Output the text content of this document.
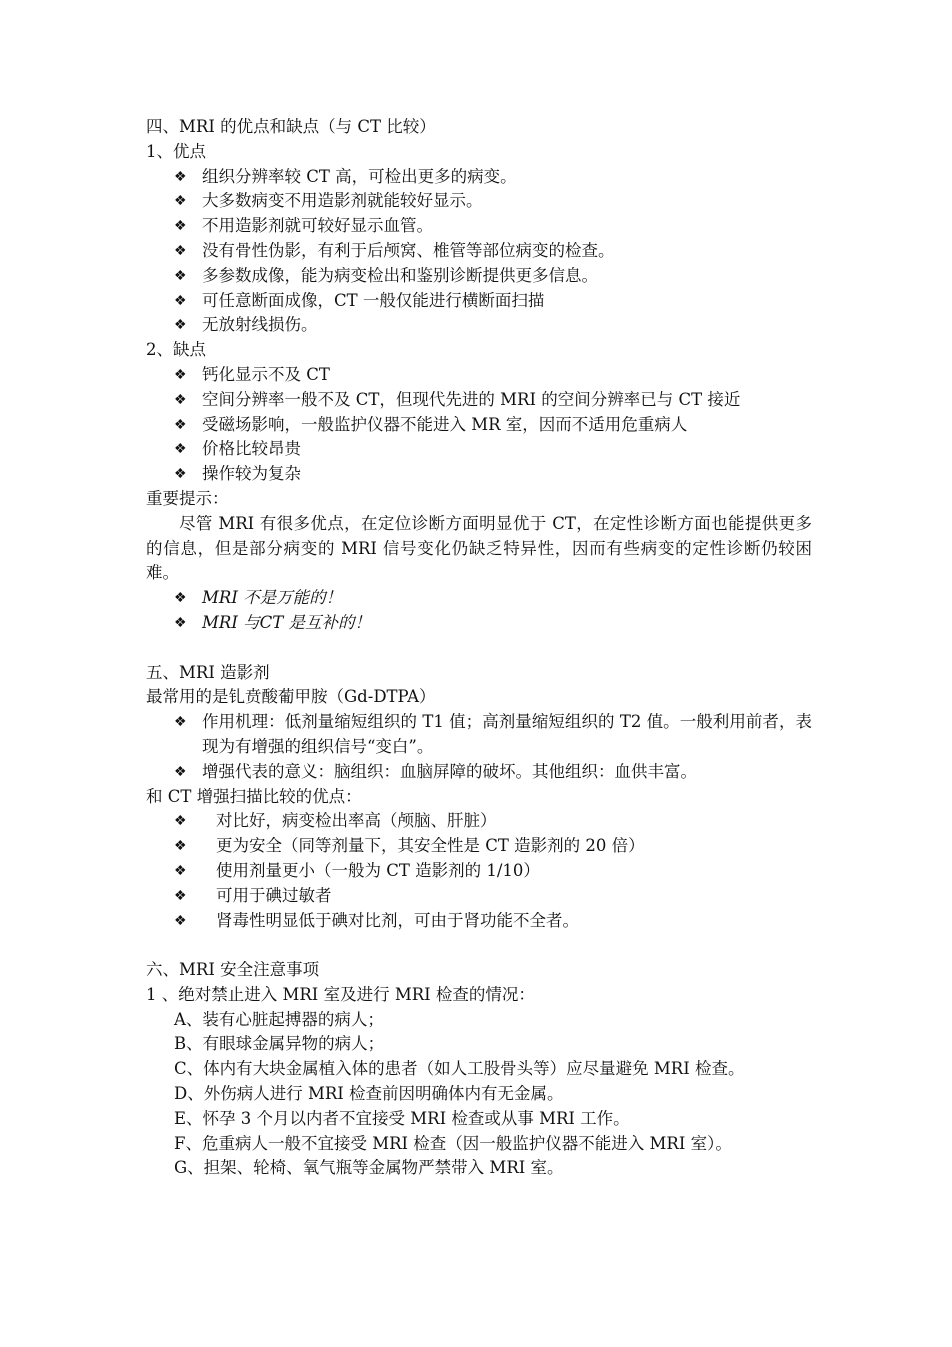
四、MRI 的优点和缺点（与 CT 比较）
1、优点
❖ 组织分辨率较 CT 高，可检出更多的病变。
❖ 大多数病变不用造影剂就能较好显示。
❖ 不用造影剂就可较好显示血管。
❖ 没有骨性伪影，有利于后颅窝、椎管等部位病变的检查。
❖ 多参数成像，能为病变检出和鉴别诊断提供更多信息。
❖ 可任意断面成像，CT 一般仅能进行横断面扫描
❖ 无放射线损伤。
2、缺点
❖ 钙化显示不及 CT
❖ 空间分辨率一般不及 CT，但现代先进的 MRI 的空间分辨率已与 CT 接近
❖ 受磁场影响，一般监护仪器不能进入 MR 室，因而不适用危重病人
❖ 价格比较昂贵
❖ 操作较为复杂
重要提示：
尽管 MRI 有很多优点，在定位诊断方面明显优于 CT，在定性诊断方面也能提供更多的信息，但是部分病变的 MRI 信号变化仍缺乏特异性，因而有些病变的定性诊断仍较困难。
❖ MRI 不是万能的！
❖ MRI 与CT 是互补的！
五、MRI 造影剂
最常用的是钆贲酸葡甲胺（Gd-DTPA）
❖ 作用机理：低剂量缩短组织的 T1 值；高剂量缩短组织的 T2 值。一般利用前者，表现为有增强的组织信号“变白”。
❖ 增强代表的意义：脑组织：血脑屏障的破坏。其他组织：血供丰富。
和 CT 增强扫描比较的优点：
❖ 对比好，病变检出率高（颅脑、肝脏）
❖ 更为安全（同等剂量下，其安全性是 CT 造影剂的 20 倍）
❖ 使用剂量更小（一般为 CT 造影剂的 1/10）
❖ 可用于碘过敏者
❖ 肾毒性明显低于碘对比剂，可由于肾功能不全者。
六、MRI 安全注意事项
1 、绝对禁止进入 MRI 室及进行 MRI 检查的情况：
A、装有心脏起搏器的病人；
B、有眼球金属异物的病人；
C、体内有大块金属植入体的患者（如人工股骨头等）应尽量避免 MRI 检查。
D、外伤病人进行 MRI 检查前因明确体内有无金属。
E、怀孕 3 个月以内者不宜接受 MRI 检查或从事 MRI 工作。
F、危重病人一般不宜接受 MRI 检查（因一般监护仪器不能进入 MRI 室）。
G、担架、轮椅、氧气瓶等金属物严禁带入 MRI 室。
